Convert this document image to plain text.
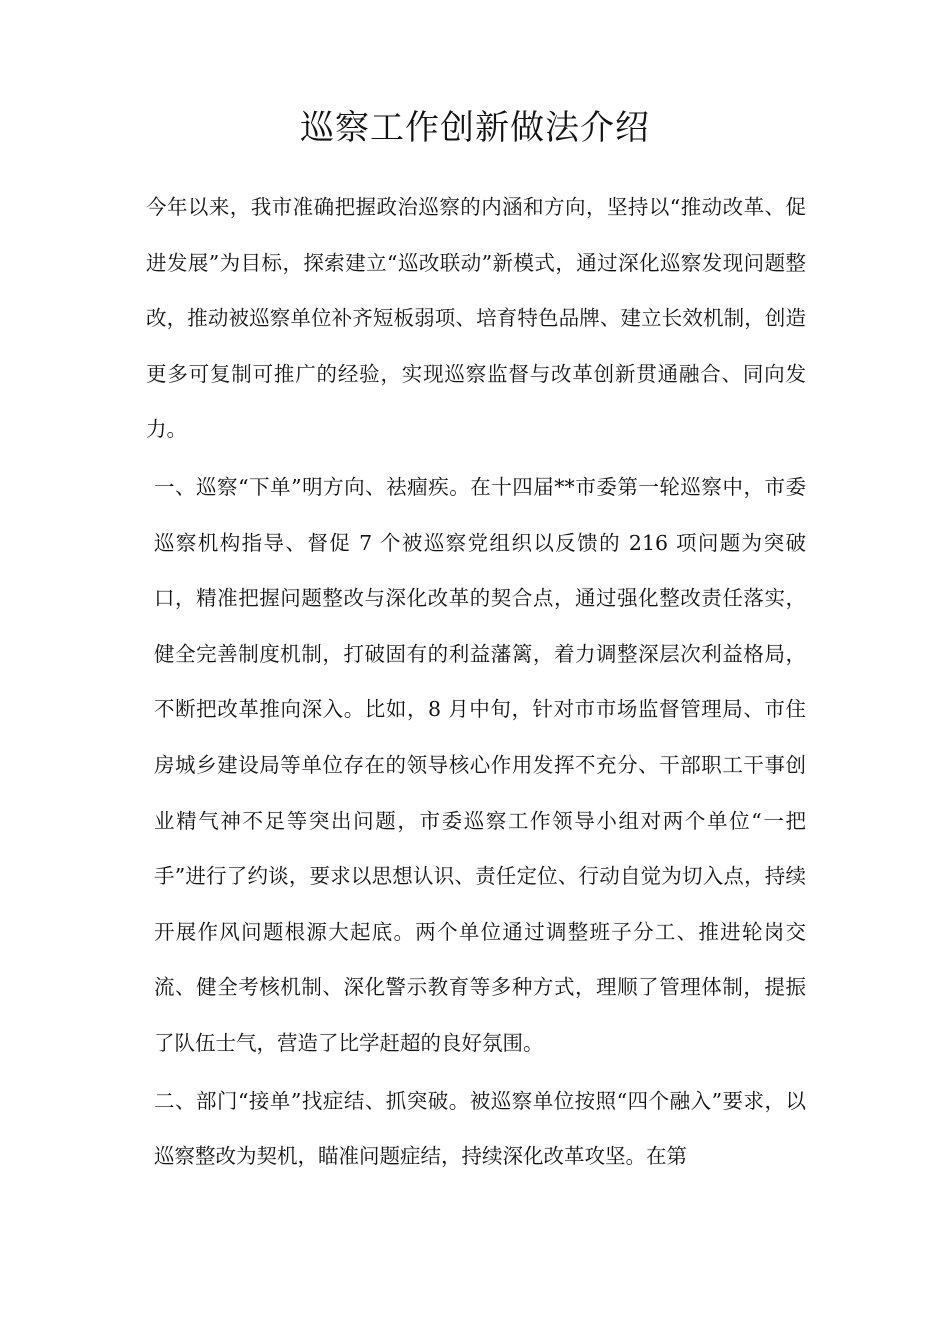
巡察工作创新做法介绍

今年以来，我市准确把握政治巡察的内涵和方向，坚持以“推动改革、促进发展”为目标，探索建立“巡改联动”新模式，通过深化巡察发现问题整改，推动被巡察单位补齐短板弱项、培育特色品牌、建立长效机制，创造更多可复制可推广的经验，实现巡察监督与改革创新贯通融合、同向发力。

一、巡察“下单”明方向、祛痼疾。在十四届**市委第一轮巡察中，市委巡察机构指导、督促 7 个被巡察党组织以反馈的 216 项问题为突破口，精准把握问题整改与深化改革的契合点，通过强化整改责任落实，健全完善制度机制，打破固有的利益藩篱，着力调整深层次利益格局，不断把改革推向深入。比如，8 月中旬，针对市市场监督管理局、市住房城乡建设局等单位存在的领导核心作用发挥不充分、干部职工干事创业精气神不足等突出问题，市委巡察工作领导小组对两个单位“一把手”进行了约谈，要求以思想认识、责任定位、行动自觉为切入点，持续开展作风问题根源大起底。两个单位通过调整班子分工、推进轮岗交流、健全考核机制、深化警示教育等多种方式，理顺了管理体制，提振了队伍士气，营造了比学赶超的良好氛围。

二、部门“接单”找症结、抓突破。被巡察单位按照“四个融入”要求，以巡察整改为契机，瞄准问题症结，持续深化改革攻坚。在第
